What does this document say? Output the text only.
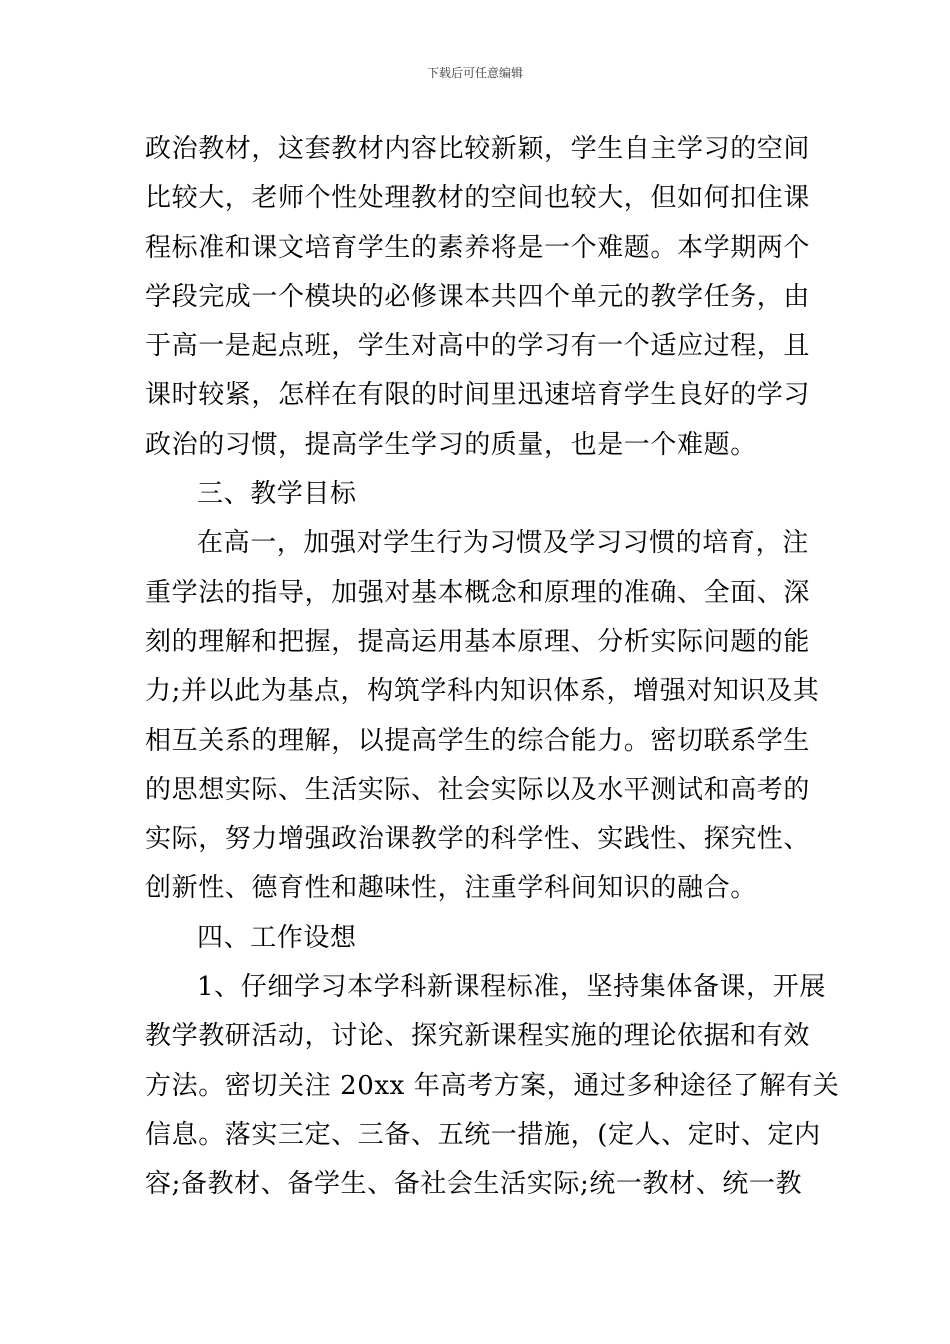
下载后可任意编辑
政治教材，这套教材内容比较新颖，学生自主学习的空间
比较大，老师个性处理教材的空间也较大，但如何扣住课
程标准和课文培育学生的素养将是一个难题。本学期两个
学段完成一个模块的必修课本共四个单元的教学任务，由
于高一是起点班，学生对高中的学习有一个适应过程，且
课时较紧，怎样在有限的时间里迅速培育学生良好的学习
政治的习惯，提高学生学习的质量，也是一个难题。
三、教学目标
在高一，加强对学生行为习惯及学习习惯的培育，注
重学法的指导，加强对基本概念和原理的准确、全面、深
刻的理解和把握，提高运用基本原理、分析实际问题的能
力;并以此为基点，构筑学科内知识体系，增强对知识及其
相互关系的理解，以提高学生的综合能力。密切联系学生
的思想实际、生活实际、社会实际以及水平测试和高考的
实际，努力增强政治课教学的科学性、实践性、探究性、
创新性、德育性和趣味性，注重学科间知识的融合。
四、工作设想
1、仔细学习本学科新课程标准，坚持集体备课，开展
教学教研活动，讨论、探究新课程实施的理论依据和有效
方法。密切关注 20xx 年高考方案，通过多种途径了解有关
信息。落实三定、三备、五统一措施，(定人、定时、定内
容;备教材、备学生、备社会生活实际;统一教材、统一教
